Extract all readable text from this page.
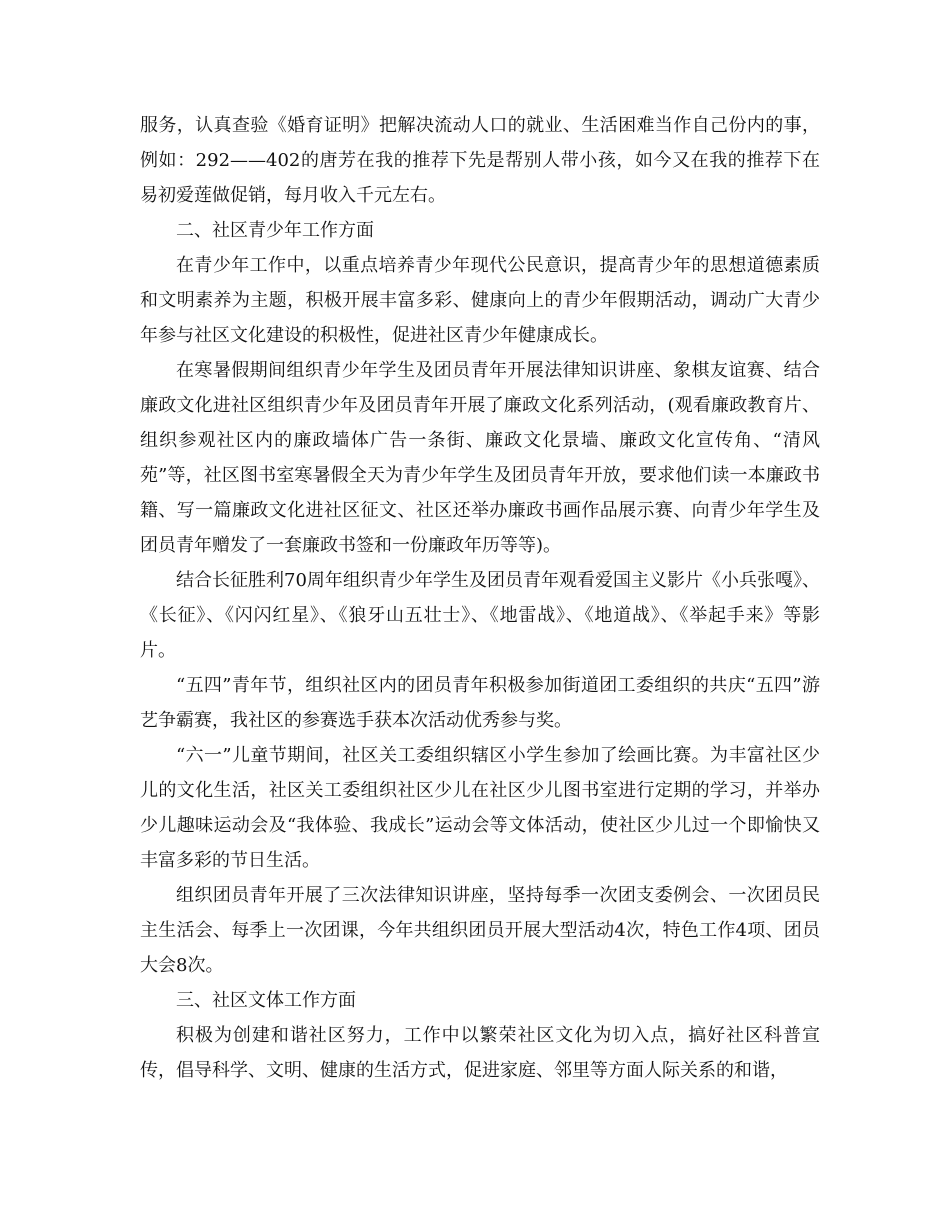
服务，认真查验《婚育证明》把解决流动人口的就业、生活困难当作自己份内的事，例如：292——402的唐芳在我的推荐下先是帮别人带小孩，如今又在我的推荐下在易初爱莲做促销，每月收入千元左右。

二、社区青少年工作方面

在青少年工作中，以重点培养青少年现代公民意识，提高青少年的思想道德素质和文明素养为主题，积极开展丰富多彩、健康向上的青少年假期活动，调动广大青少年参与社区文化建设的积极性，促进社区青少年健康成长。

在寒暑假期间组织青少年学生及团员青年开展法律知识讲座、象棋友谊赛、结合廉政文化进社区组织青少年及团员青年开展了廉政文化系列活动，(观看廉政教育片、组织参观社区内的廉政墙体广告一条街、廉政文化景墙、廉政文化宣传角、“清风苑”等，社区图书室寒暑假全天为青少年学生及团员青年开放，要求他们读一本廉政书籍、写一篇廉政文化进社区征文、社区还举办廉政书画作品展示赛、向青少年学生及团员青年赠发了一套廉政书签和一份廉政年历等等)。

结合长征胜利70周年组织青少年学生及团员青年观看爱国主义影片《小兵张嘎》、《长征》、《闪闪红星》、《狼牙山五壮士》、《地雷战》、《地道战》、《举起手来》等影片。

“五四”青年节，组织社区内的团员青年积极参加街道团工委组织的共庆“五四”游艺争霸赛，我社区的参赛选手获本次活动优秀参与奖。

“六一”儿童节期间，社区关工委组织辖区小学生参加了绘画比赛。为丰富社区少儿的文化生活，社区关工委组织社区少儿在社区少儿图书室进行定期的学习，并举办少儿趣味运动会及“我体验、我成长”运动会等文体活动，使社区少儿过一个即愉快又丰富多彩的节日生活。

组织团员青年开展了三次法律知识讲座，坚持每季一次团支委例会、一次团员民主生活会、每季上一次团课，今年共组织团员开展大型活动4次，特色工作4项、团员大会8次。

三、社区文体工作方面

积极为创建和谐社区努力，工作中以繁荣社区文化为切入点，搞好社区科普宣传，倡导科学、文明、健康的生活方式，促进家庭、邻里等方面人际关系的和谐，
